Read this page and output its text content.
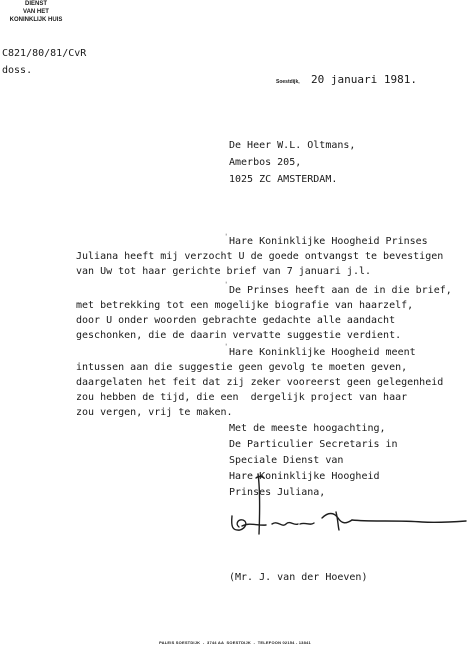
DIENST
VAN HET
KONINKLIJK HUIS
C821/80/81/CvR
doss.
Soestdijk, 20 januari 1981.
De Heer W.L. Oltmans,
Amerbos 205,
1025 ZC AMSTERDAM.
ˈ Hare Koninklijke Hoogheid Prinses
Juliana heeft mij verzocht U de goede ontvangst te bevestigen
van Uw tot haar gerichte brief van 7 januari j.l.
ˈ De Prinses heeft aan de in die brief,
met betrekking tot een mogelijke biografie van haarzelf,
door U onder woorden gebrachte gedachte alle aandacht
geschonken, die de daarin vervatte suggestie verdient.
ˈ Hare Koninklijke Hoogheid meent
intussen aan die suggestie geen gevolg te moeten geven,
daargelaten het feit dat zij zeker vooreerst geen gelegenheid
zou hebben de tijd, die een  dergelijk project van haar
zou vergen, vrij te maken.
Met de meeste hoogachting,
De Particulier Secretaris in
Speciale Dienst van
Hare Koninklijke Hoogheid
Prinses Juliana,
(Mr. J. van der Hoeven)
PALEIS SOESTDIJK  -  3744 AA  SOESTDIJK  -  TELEFOON 02154 - 13841
